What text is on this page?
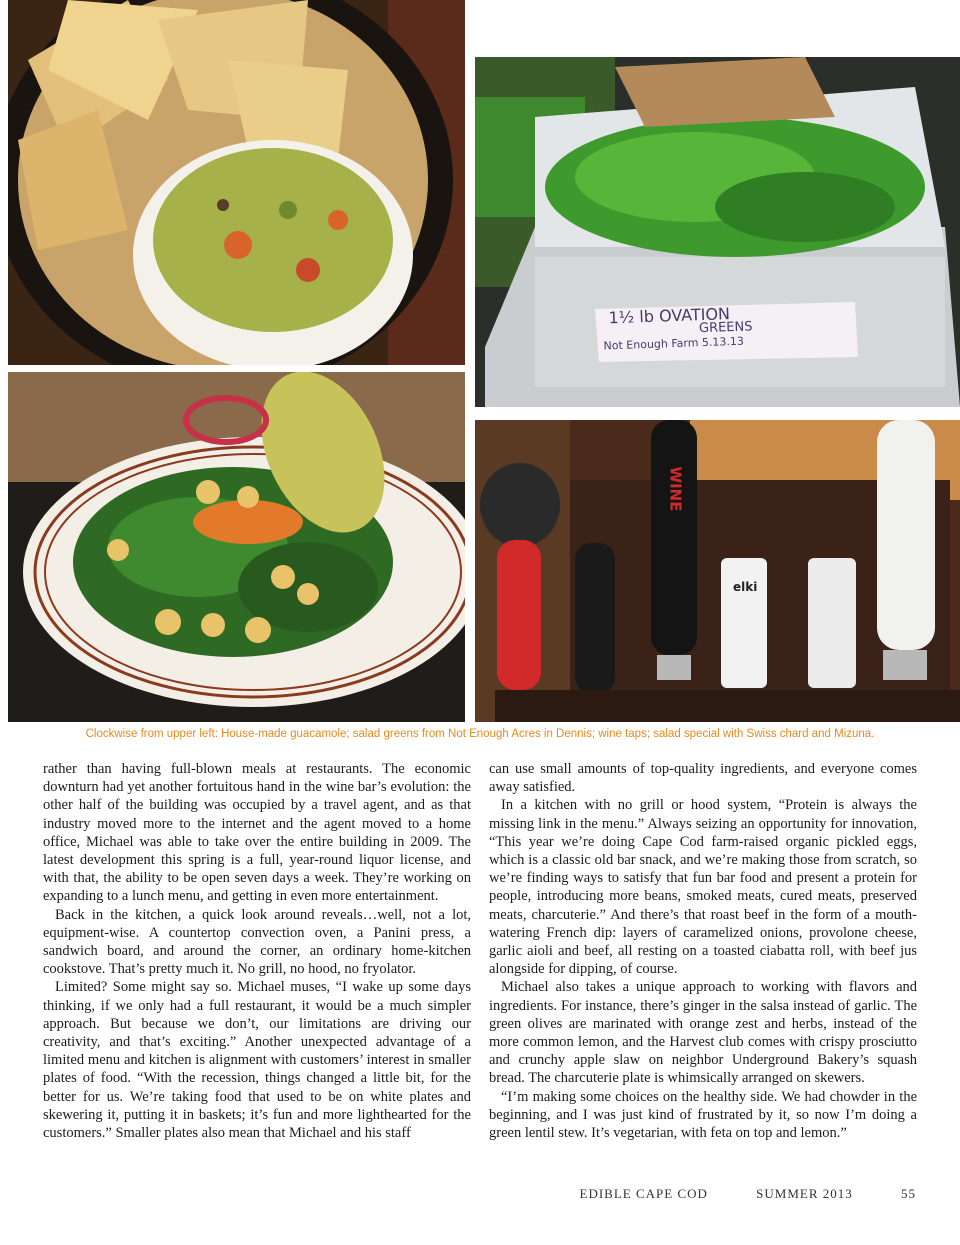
1½ lb OVATION
GREENS
Not Enough Farm 5.13.13
elki
WINE
Clockwise from upper left: House-made guacamole; salad greens from Not Enough Acres in Dennis; wine taps; salad special with Swiss chard and Mizuna.

rather than having full-blown meals at restaurants. The economic downturn had yet another fortuitous hand in the wine bar’s evolution: the other half of the building was occupied by a travel agent, and as that industry moved more to the internet and the agent moved to a home office, Michael was able to take over the entire building in 2009. The latest development this spring is a full, year-round liquor license, and with that, the ability to be open seven days a week. They’re working on expanding to a lunch menu, and getting in even more entertainment.

Back in the kitchen, a quick look around reveals…well, not a lot, equipment-wise. A countertop convection oven, a Panini press, a sandwich board, and around the corner, an ordinary home-kitchen cookstove. That’s pretty much it. No grill, no hood, no fryolator.

Limited? Some might say so. Michael muses, “I wake up some days thinking, if we only had a full restaurant, it would be a much simpler approach. But because we don’t, our limitations are driving our creativity, and that’s exciting.” Another unexpected advantage of a limited menu and kitchen is alignment with customers’ interest in smaller plates of food. “With the recession, things changed a little bit, for the better for us. We’re taking food that used to be on white plates and skewering it, putting it in baskets; it’s fun and more lighthearted for the customers.” Smaller plates also mean that Michael and his staff

can use small amounts of top-quality ingredients, and everyone comes away satisfied.

In a kitchen with no grill or hood system, “Protein is always the missing link in the menu.” Always seizing an opportunity for innovation, “This year we’re doing Cape Cod farm-raised organic pickled eggs, which is a classic old bar snack, and we’re making those from scratch, so we’re finding ways to satisfy that fun bar food and present a protein for people, introducing more beans, smoked meats, cured meats, preserved meats, charcuterie.” And there’s that roast beef in the form of a mouth-watering French dip: layers of caramelized onions, provolone cheese, garlic aioli and beef, all resting on a toasted ciabatta roll, with beef jus alongside for dipping, of course.

Michael also takes a unique approach to working with flavors and ingredients. For instance, there’s ginger in the salsa instead of garlic. The green olives are marinated with orange zest and herbs, instead of the more common lemon, and the Harvest club comes with crispy prosciutto and crunchy apple slaw on neighbor Underground Bakery’s squash bread. The charcuterie plate is whimsically arranged on skewers.

“I’m making some choices on the healthy side. We had chowder in the beginning, and I was just kind of frustrated by it, so now I’m doing a green lentil stew. It’s vegetarian, with feta on top and lemon.”

EDIBLE CAPE COD	SUMMER 2013	55
